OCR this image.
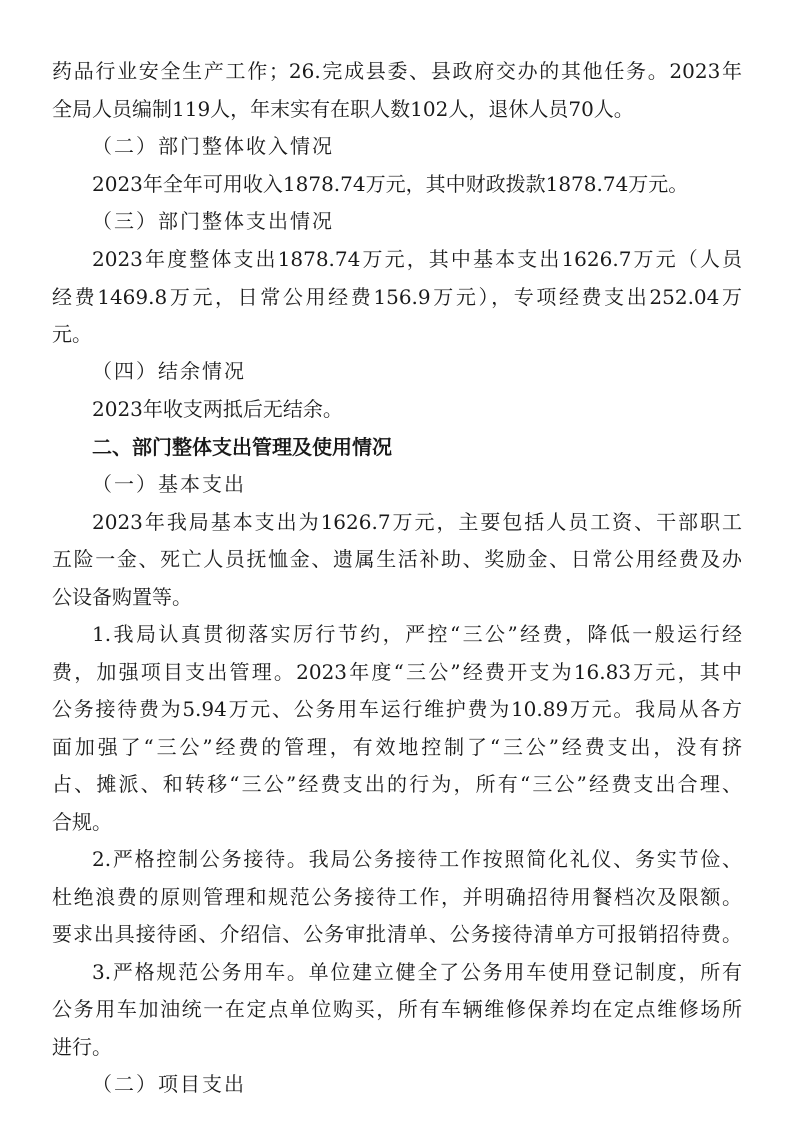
药品行业安全生产工作；26.完成县委、县政府交办的其他任务。2023年
全局人员编制119人，年末实有在职人数102人，退休人员70人。
（二）部门整体收入情况
2023年全年可用收入1878.74万元，其中财政拨款1878.74万元。
（三）部门整体支出情况
2023年度整体支出1878.74万元，其中基本支出1626.7万元（人员
经费1469.8万元，日常公用经费156.9万元），专项经费支出252.04万
元。
（四）结余情况
2023年收支两抵后无结余。
二、部门整体支出管理及使用情况
（一）基本支出
2023年我局基本支出为1626.7万元，主要包括人员工资、干部职工
五险一金、死亡人员抚恤金、遗属生活补助、奖励金、日常公用经费及办
公设备购置等。
1.我局认真贯彻落实厉行节约，严控“三公”经费，降低一般运行经
费，加强项目支出管理。2023年度“三公”经费开支为16.83万元，其中
公务接待费为5.94万元、公务用车运行维护费为10.89万元。我局从各方
面加强了“三公”经费的管理，有效地控制了“三公”经费支出，没有挤
占、摊派、和转移“三公”经费支出的行为，所有“三公”经费支出合理、
合规。
2.严格控制公务接待。我局公务接待工作按照简化礼仪、务实节俭、
杜绝浪费的原则管理和规范公务接待工作，并明确招待用餐档次及限额。
要求出具接待函、介绍信、公务审批清单、公务接待清单方可报销招待费。
3.严格规范公务用车。单位建立健全了公务用车使用登记制度，所有
公务用车加油统一在定点单位购买，所有车辆维修保养均在定点维修场所
进行。
（二）项目支出
